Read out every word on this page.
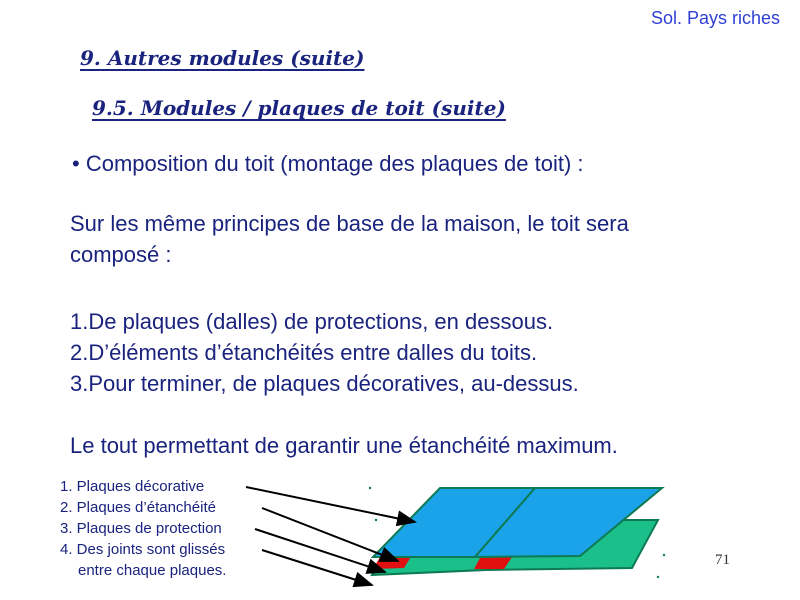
Sol. Pays riches
9. Autres modules (suite)
9.5. Modules / plaques de toit (suite)
• Composition du toit (montage des plaques de toit) :
Sur les même principes de base de la maison, le toit sera
composé :
1.De plaques (dalles) de protections, en dessous.
2.D’éléments d’étanchéités entre dalles du toits.
3.Pour terminer, de plaques décoratives, au-dessus.
Le tout permettant de garantir une étanchéité maximum.
1. Plaques décorative
2. Plaques d’étanchéité
3. Plaques de protection
4. Des joints sont glissés
entre chaque plaques.
71
